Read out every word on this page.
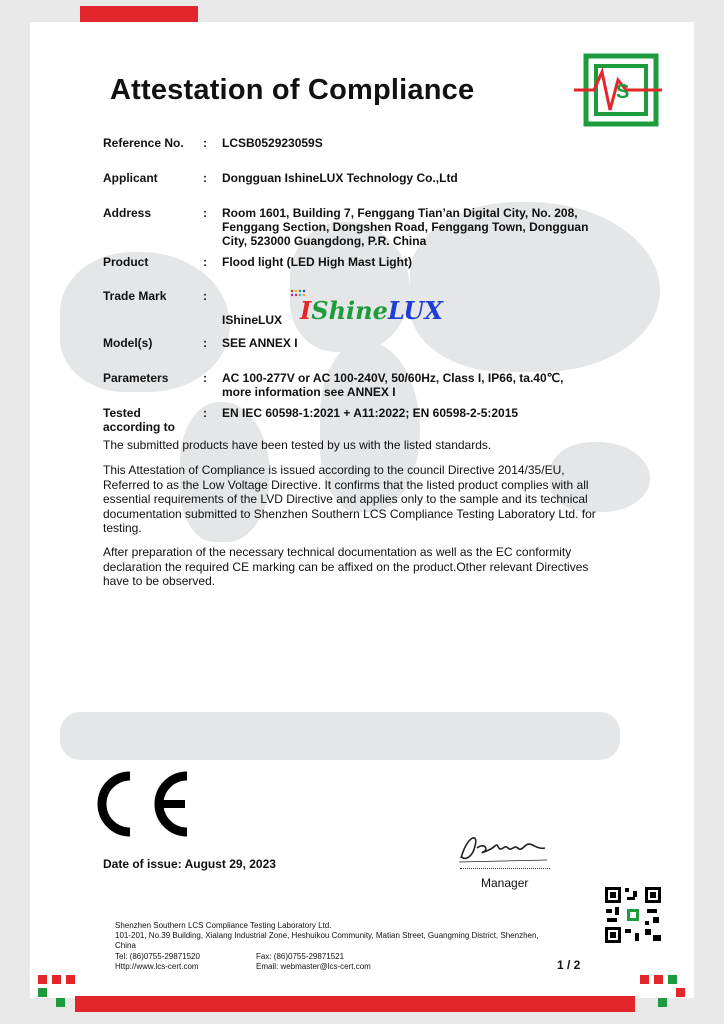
Attestation of Compliance	S
Reference No.	: LCSB052923059S
Applicant	: Dongguan IshineLUX Technology Co.,Ltd
Address	: Room 1601, Building 7, Fenggang Tian’an Digital City, No. 208, Fenggang Section, Dongshen Road, Fenggang Town, Dongguan City, 523000 Guangdong, P.R. China
Product	: Flood light (LED High Mast Light)
Trade Mark	:
IShineLUX IShineLUX
Model(s)	: SEE ANNEX I
Parameters	: AC 100-277V or AC 100-240V, 50/60Hz, Class I, IP66, ta.40℃, more information see ANNEX I
Tested according to
: EN IEC 60598-1:2021 + A11:2022; EN 60598-2-5:2015
The submitted products have been tested by us with the listed standards.
This Attestation of Compliance is issued according to the council Directive 2014/35/EU, Referred to as the Low Voltage Directive. It confirms that the listed product complies with all essential requirements of the LVD Directive and applies only to the sample and its technical documentation submitted to Shenzhen Southern LCS Compliance Testing Laboratory Ltd. for testing.
After preparation of the necessary technical documentation as well as the EC conformity declaration the required CE marking can be affixed on the product.Other relevant Directives have to be observed.
Date of issue: August 29, 2023
Manager
Shenzhen Southern LCS Compliance Testing Laboratory Ltd.
101-201, No.39 Building, Xialang Industrial Zone, Heshuikou Community, Matian Street, Guangming District, Shenzhen, China
Tel: (86)0755-29871520	Fax: (86)0755-29871521
Http://www.lcs-cert.com	Email: webmaster@lcs-cert.com	1 / 2
